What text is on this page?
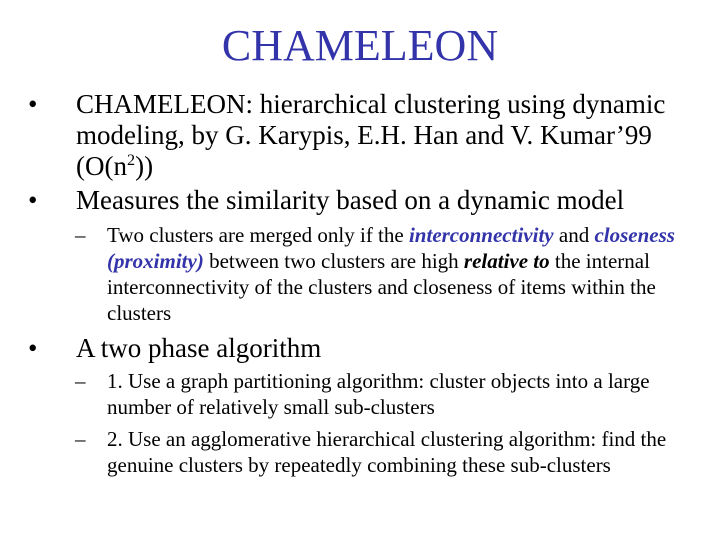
CHAMELEON
• CHAMELEON: hierarchical clustering using dynamic modeling, by G. Karypis, E.H. Han and V. Kumar’99 $(O(n^2))$
• Measures the similarity based on a dynamic model
– Two clusters are merged only if the interconnectivity and closeness (proximity) between two clusters are high relative to the internal interconnectivity of the clusters and closeness of items within the clusters
• A two phase algorithm
– 1. Use a graph partitioning algorithm: cluster objects into a large number of relatively small sub-clusters
– 2. Use an agglomerative hierarchical clustering algorithm: find the genuine clusters by repeatedly combining these sub-clusters
